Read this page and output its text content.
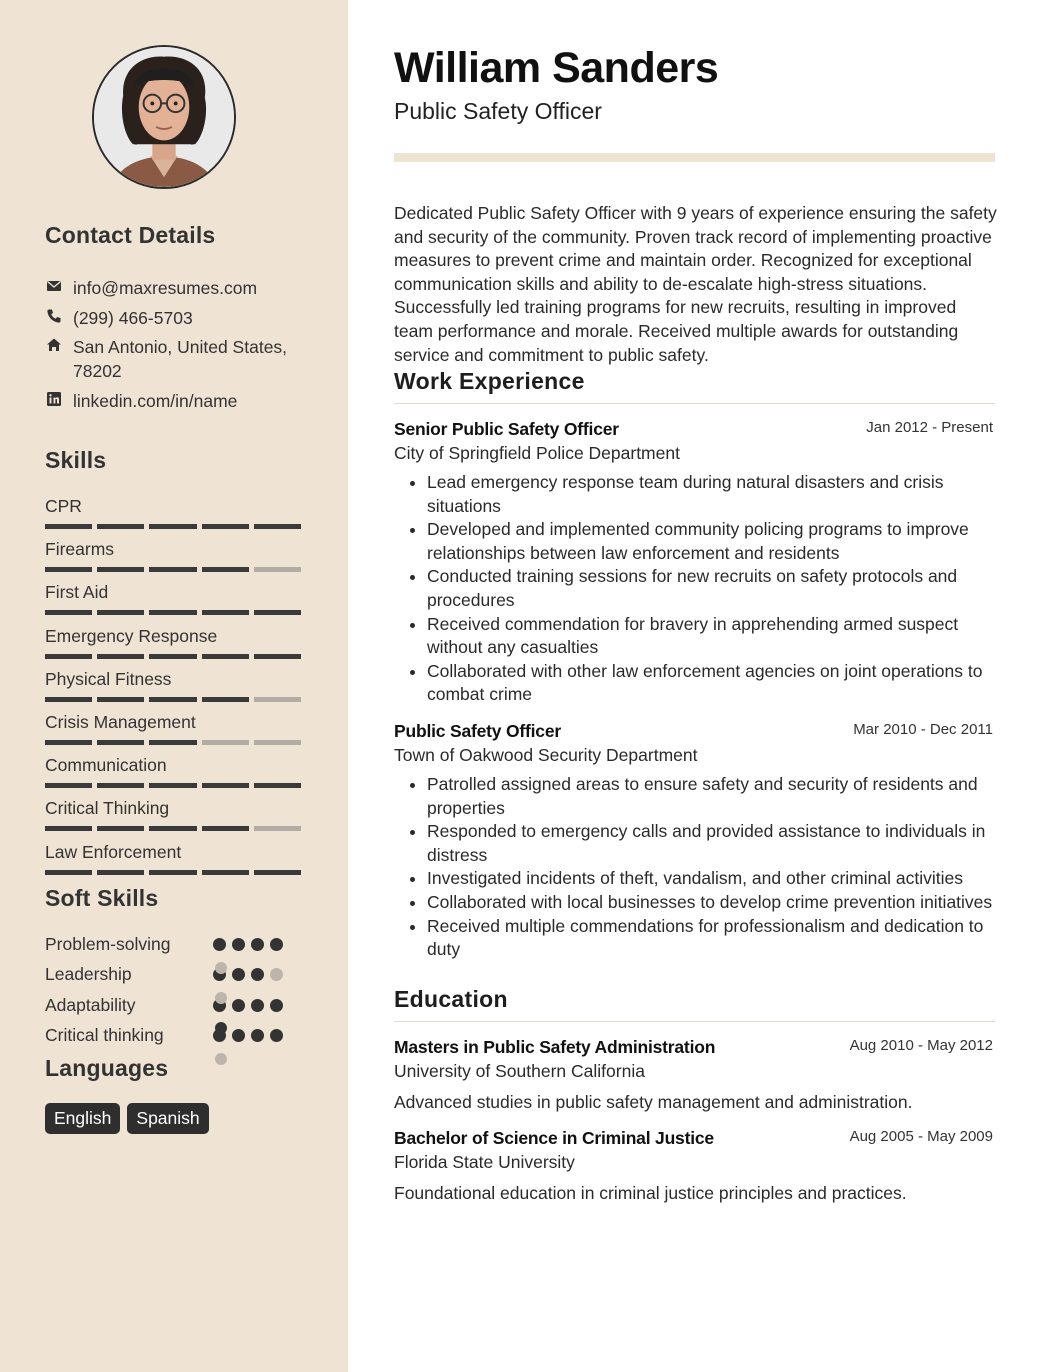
Contact Details
info@maxresumes.com
(299) 466-5703
San Antonio, United States, 78202
linkedin.com/in/name
Skills
CPR
Firearms
First Aid
Emergency Response
Physical Fitness
Crisis Management
Communication
Critical Thinking
Law Enforcement
Soft Skills
Problem-solving
Leadership
Adaptability
Critical thinking
Languages
English	Spanish
William Sanders
Public Safety Officer
Dedicated Public Safety Officer with 9 years of experience ensuring the safety and security of the community. Proven track record of implementing proactive measures to prevent crime and maintain order. Recognized for exceptional communication skills and ability to de-escalate high-stress situations. Successfully led training programs for new recruits, resulting in improved team performance and morale. Received multiple awards for outstanding service and commitment to public safety.
Work Experience
Senior Public Safety Officer	Jan 2012 - Present
City of Springfield Police Department
• Lead emergency response team during natural disasters and crisis situations
• Developed and implemented community policing programs to improve relationships between law enforcement and residents
• Conducted training sessions for new recruits on safety protocols and procedures
• Received commendation for bravery in apprehending armed suspect without any casualties
• Collaborated with other law enforcement agencies on joint operations to combat crime
Public Safety Officer	Mar 2010 - Dec 2011
Town of Oakwood Security Department
• Patrolled assigned areas to ensure safety and security of residents and properties
• Responded to emergency calls and provided assistance to individuals in distress
• Investigated incidents of theft, vandalism, and other criminal activities
• Collaborated with local businesses to develop crime prevention initiatives
• Received multiple commendations for professionalism and dedication to duty
Education
Masters in Public Safety Administration	Aug 2010 - May 2012
University of Southern California
Advanced studies in public safety management and administration.
Bachelor of Science in Criminal Justice	Aug 2005 - May 2009
Florida State University
Foundational education in criminal justice principles and practices.
